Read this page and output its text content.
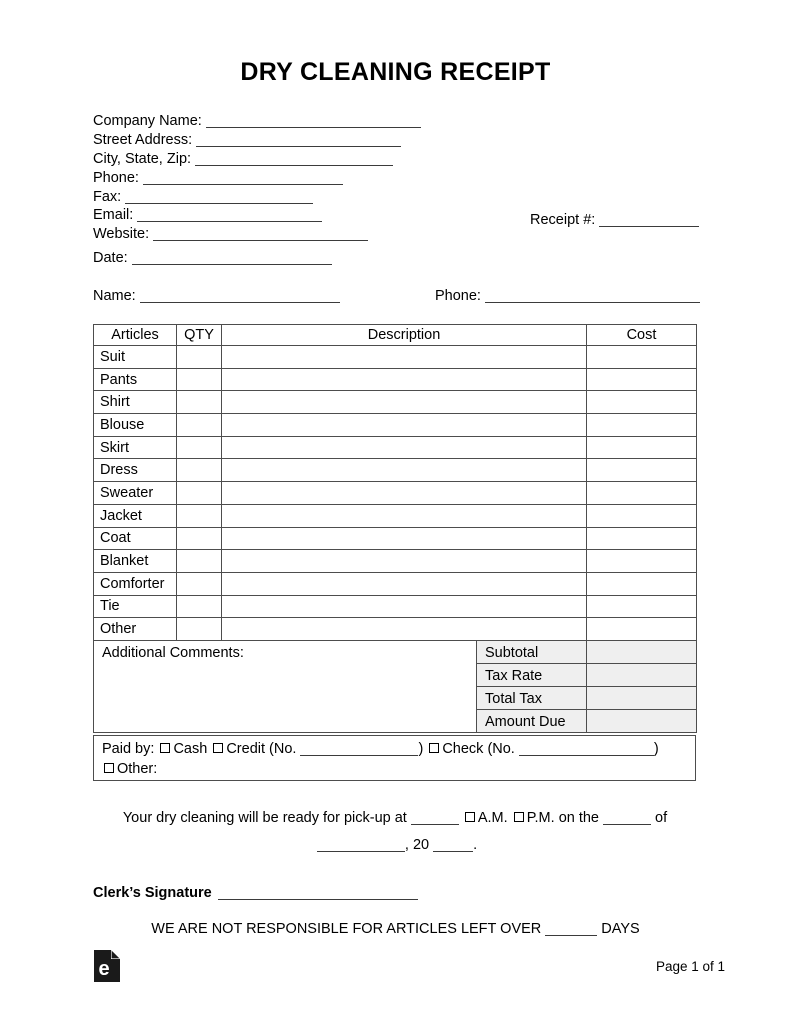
DRY CLEANING RECEIPT
Company Name:
Street Address:
City, State, Zip:
Phone:
Fax:
Email:
Website:
Receipt #:
Date:
Name:	Phone:
Articles	QTY	Description	Cost
Suit			
Pants			
Shirt			
Blouse			
Skirt			
Dress			
Sweater			
Jacket			
Coat			
Blanket			
Comforter			
Tie			
Other			
Additional Comments:	Subtotal	
	Tax Rate	
	Total Tax	
	Amount Due	
Paid by: Cash Credit (No.	) Check (No.	)
Other:
Your dry cleaning will be ready for pick-up at	A.M. P.M. on the	of
, 20	.
Clerk’s Signature
WE ARE NOT RESPONSIBLE FOR ARTICLES LEFT OVER	DAYS
e	Page 1 of 1
